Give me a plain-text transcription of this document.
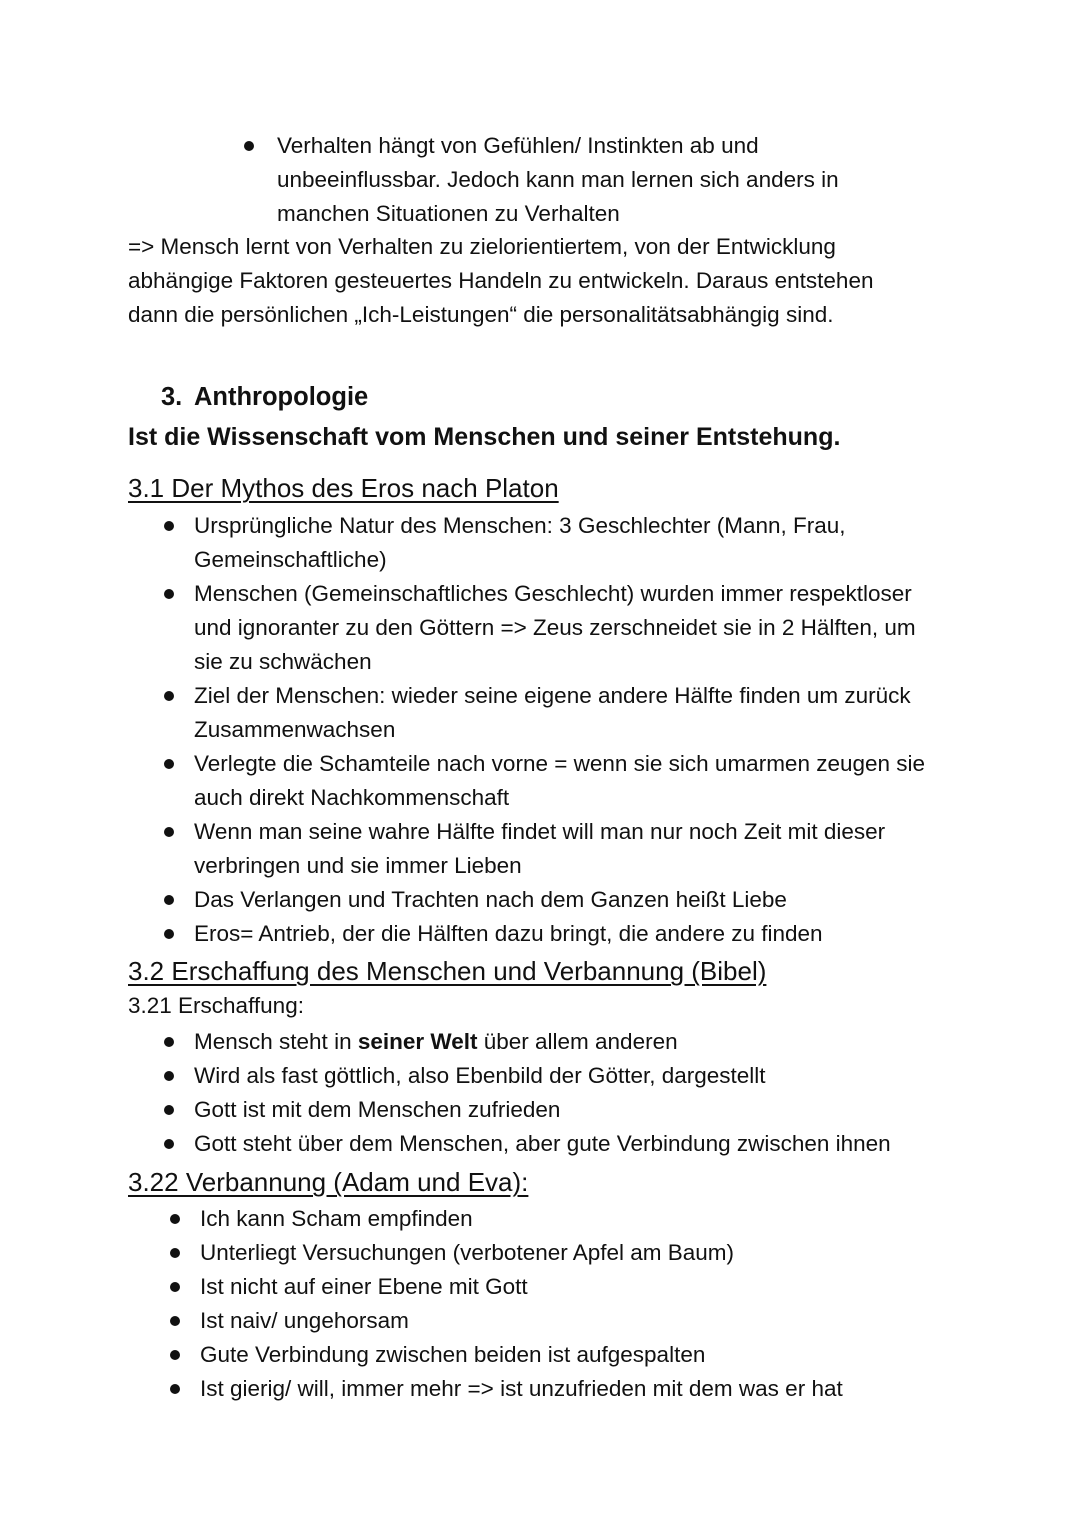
Verhalten hängt von Gefühlen/ Instinkten ab und
unbeeinflussbar. Jedoch kann man lernen sich anders in
manchen Situationen zu Verhalten
=> Mensch lernt von Verhalten zu zielorientiertem, von der Entwicklung
abhängige Faktoren gesteuertes Handeln zu entwickeln. Daraus entstehen
dann die persönlichen „Ich-Leistungen“ die personalitätsabhängig sind.
3. Anthropologie
Ist die Wissenschaft vom Menschen und seiner Entstehung.
3.1 Der Mythos des Eros nach Platon
Ursprüngliche Natur des Menschen: 3 Geschlechter (Mann, Frau,
Gemeinschaftliche)
Menschen (Gemeinschaftliches Geschlecht) wurden immer respektloser
und ignoranter zu den Göttern => Zeus zerschneidet sie in 2 Hälften, um
sie zu schwächen
Ziel der Menschen: wieder seine eigene andere Hälfte finden um zurück
Zusammenwachsen
Verlegte die Schamteile nach vorne = wenn sie sich umarmen zeugen sie
auch direkt Nachkommenschaft
Wenn man seine wahre Hälfte findet will man nur noch Zeit mit dieser
verbringen und sie immer Lieben
Das Verlangen und Trachten nach dem Ganzen heißt Liebe
Eros= Antrieb, der die Hälften dazu bringt, die andere zu finden
3.2 Erschaffung des Menschen und Verbannung (Bibel)
3.21 Erschaffung:
Mensch steht in seiner Welt über allem anderen
Wird als fast göttlich, also Ebenbild der Götter, dargestellt
Gott ist mit dem Menschen zufrieden
Gott steht über dem Menschen, aber gute Verbindung zwischen ihnen
3.22 Verbannung (Adam und Eva):
Ich kann Scham empfinden
Unterliegt Versuchungen (verbotener Apfel am Baum)
Ist nicht auf einer Ebene mit Gott
Ist naiv/ ungehorsam
Gute Verbindung zwischen beiden ist aufgespalten
Ist gierig/ will, immer mehr => ist unzufrieden mit dem was er hat
